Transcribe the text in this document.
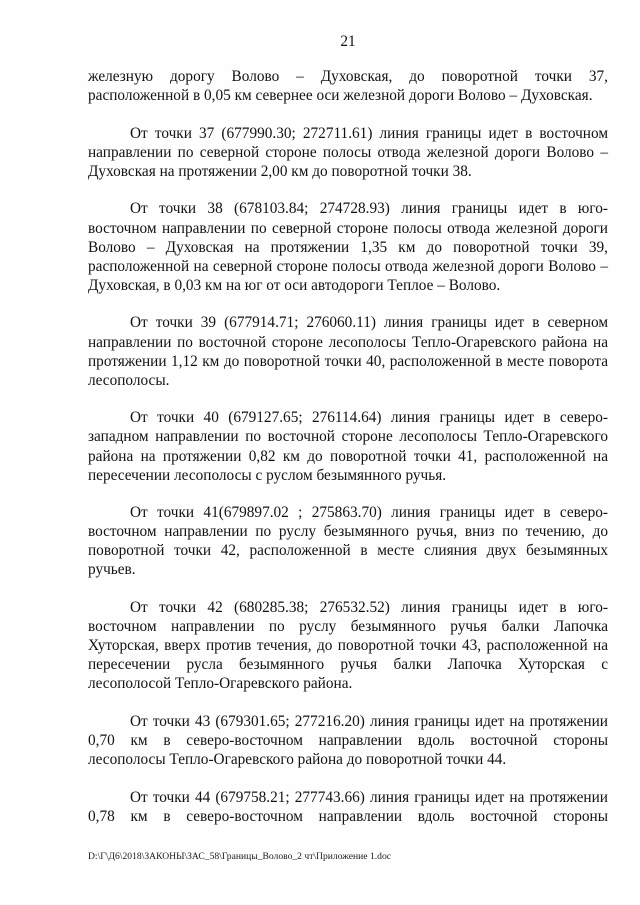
21
железную дорогу Волово – Духовская, до поворотной точки 37,
расположенной в 0,05 км севернее оси железной дороги Волово – Духовская.
От точки 37 (677990.30; 272711.61) линия границы идет в восточном
направлении по северной стороне полосы отвода железной дороги Волово –
Духовская на протяжении 2,00 км до поворотной точки 38.
От точки 38 (678103.84; 274728.93) линия границы идет в юго-
восточном направлении по северной стороне полосы отвода железной дороги
Волово – Духовская на протяжении 1,35 км до поворотной точки 39,
расположенной на северной стороне полосы отвода железной дороги Волово –
Духовская, в 0,03 км на юг от оси автодороги Теплое – Волово.
От точки 39 (677914.71; 276060.11) линия границы идет в северном
направлении по восточной стороне лесополосы Тепло-Огаревского района на
протяжении 1,12 км до поворотной точки 40, расположенной в месте поворота
лесополосы.
От точки 40 (679127.65; 276114.64) линия границы идет в северо-
западном направлении по восточной стороне лесополосы Тепло-Огаревского
района на протяжении 0,82 км до поворотной точки 41, расположенной на
пересечении лесополосы с руслом безымянного ручья.
От точки 41(679897.02 ; 275863.70) линия границы идет в северо-
восточном направлении по руслу безымянного ручья, вниз по течению, до
поворотной точки 42, расположенной в месте слияния двух безымянных
ручьев.
От точки 42 (680285.38; 276532.52) линия границы идет в юго-
восточном направлении по руслу безымянного ручья балки Лапочка
Хуторская, вверх против течения, до поворотной точки 43, расположенной на
пересечении русла безымянного ручья балки Лапочка Хуторская с
лесополосой Тепло-Огаревского района.
От точки 43 (679301.65; 277216.20) линия границы идет на протяжении
0,70 км в северо-восточном направлении вдоль восточной стороны
лесополосы Тепло-Огаревского района до поворотной точки 44.
От точки 44 (679758.21; 277743.66) линия границы идет на протяжении
0,78 км в северо-восточном направлении вдоль восточной стороны
D:\Г\Д6\2018\ЗАКОНЫ\ЗАС_58\Границы_Волово_2 чт\Приложение 1.doc
